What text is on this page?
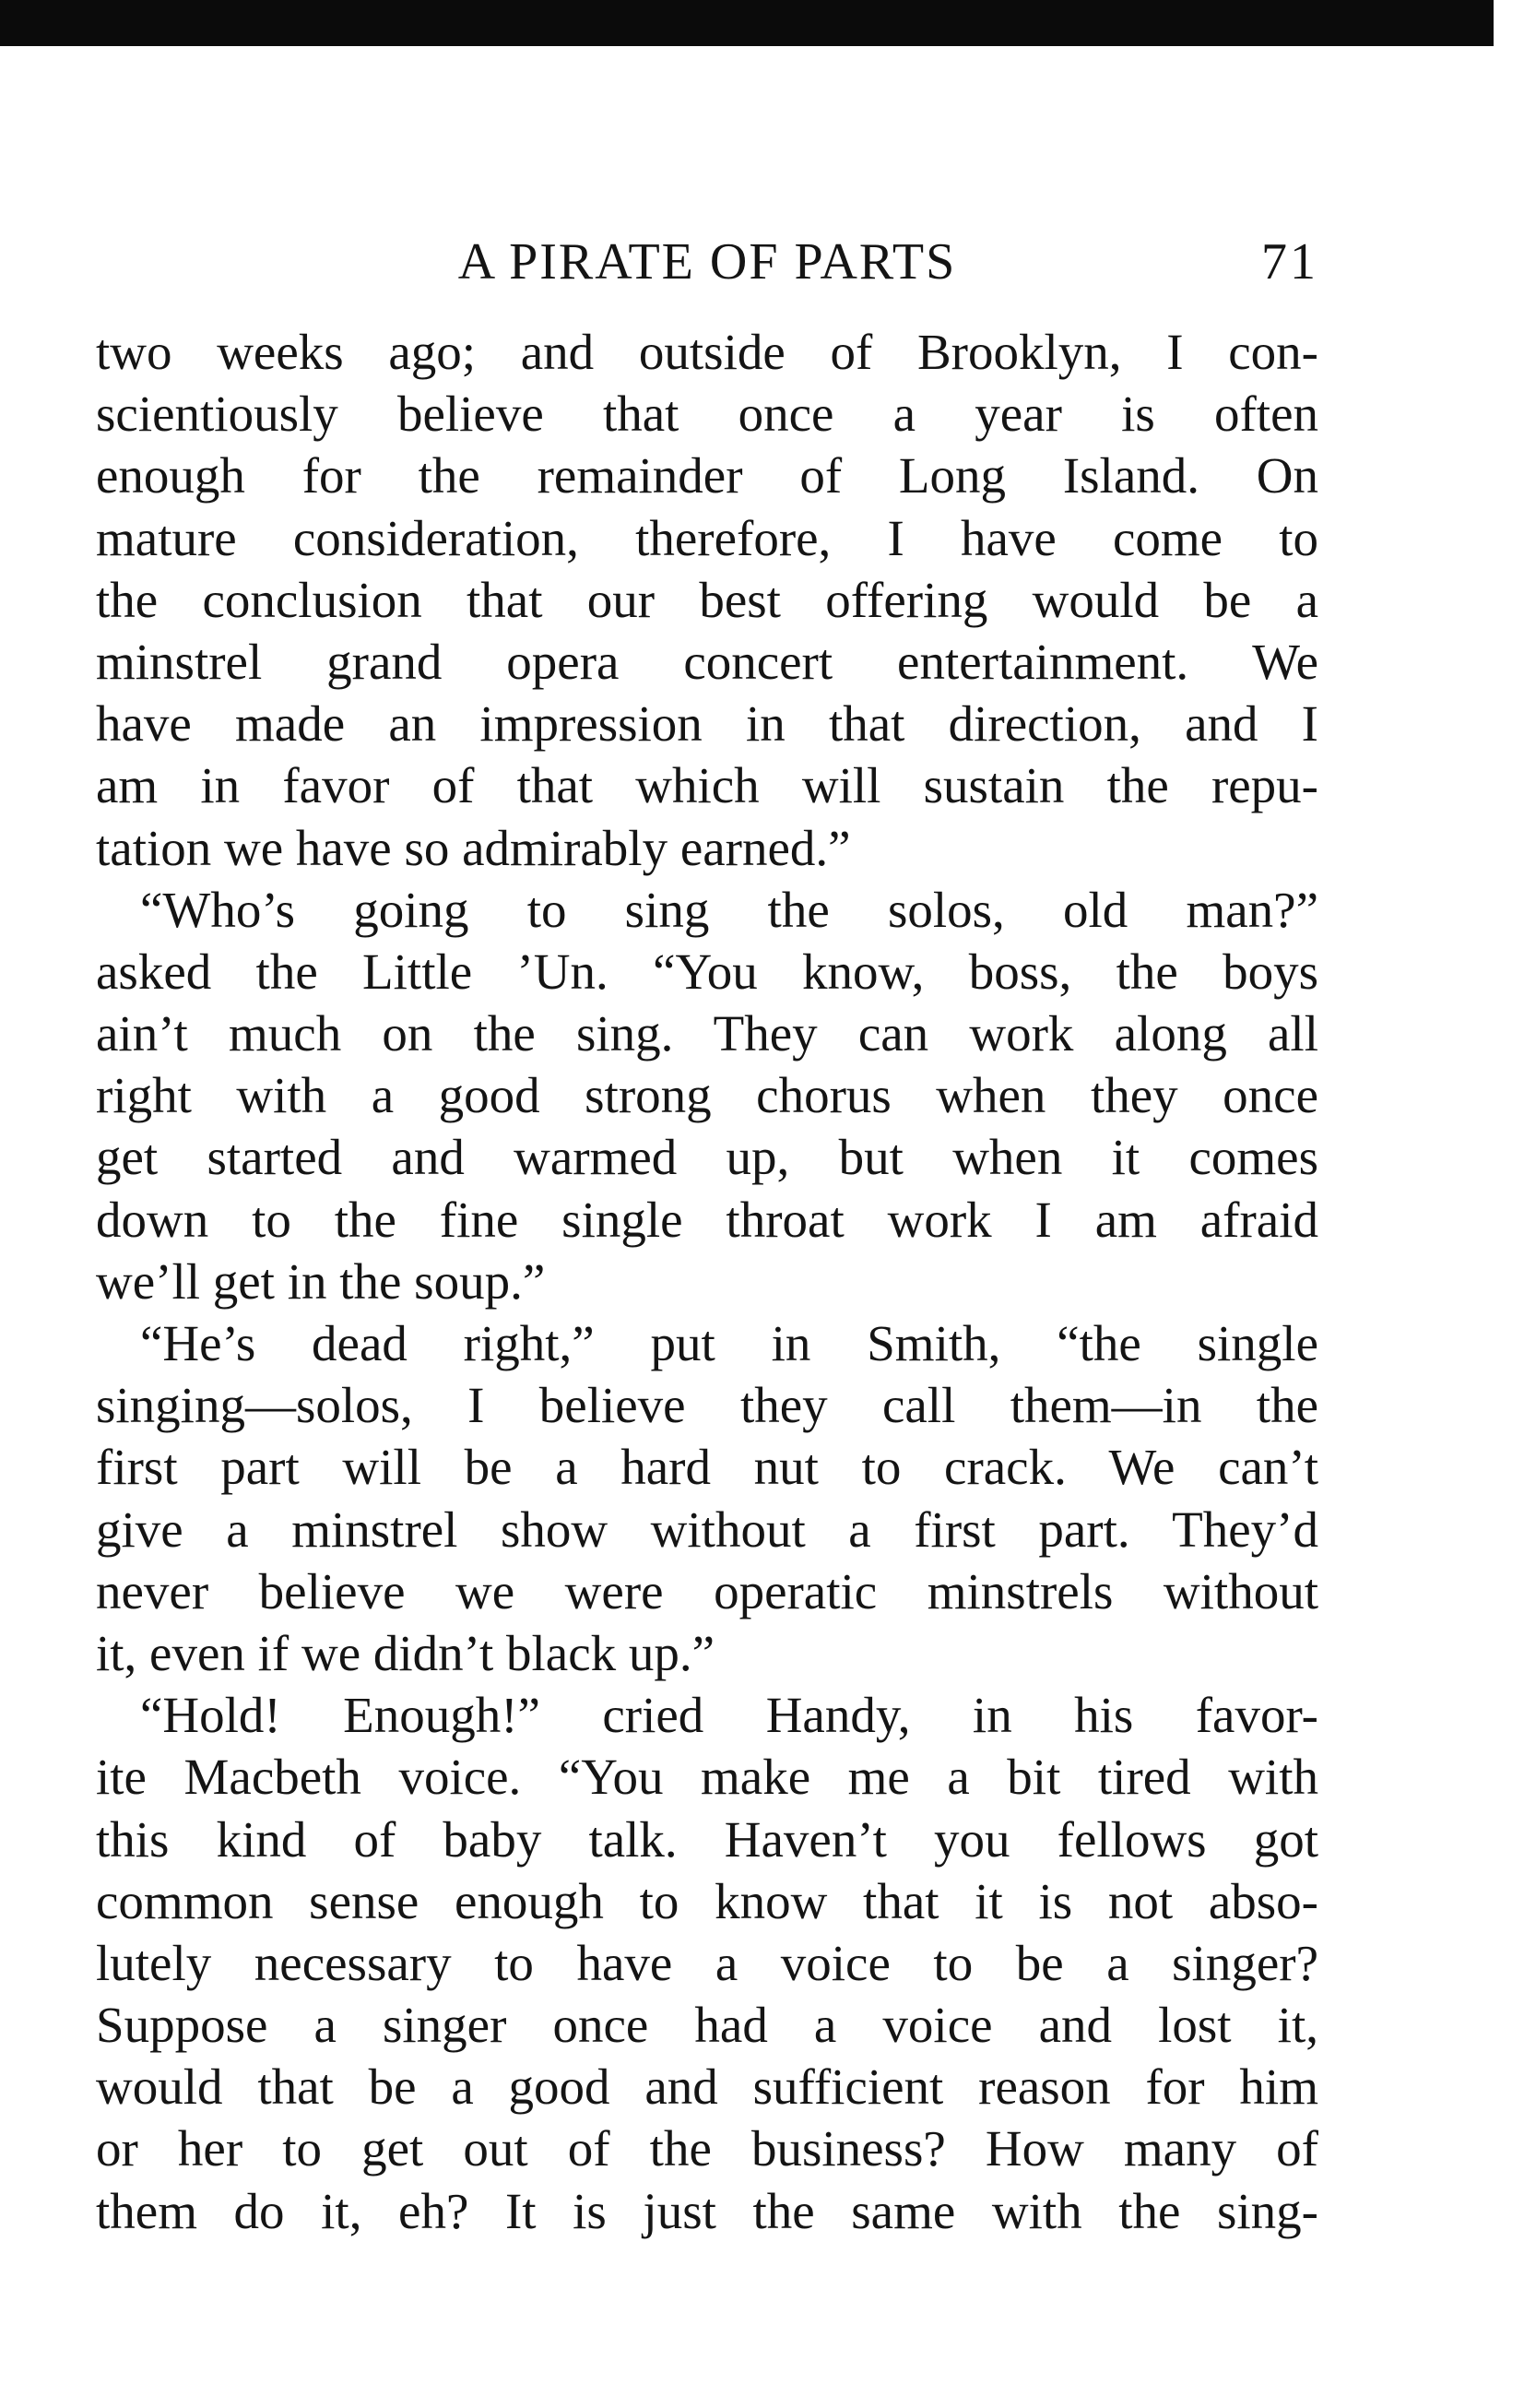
A PIRATE OF PARTS	71
two weeks ago; and outside of Brooklyn, I con-
scientiously believe that once a year is often
enough for the remainder of Long Island. On
mature consideration, therefore, I have come to
the conclusion that our best offering would be a
minstrel grand opera concert entertainment. We
have made an impression in that direction, and I
am in favor of that which will sustain the repu-
tation we have so admirably earned.”
“Who’s going to sing the solos, old man?”
asked the Little ’Un. “You know, boss, the boys
ain’t much on the sing. They can work along all
right with a good strong chorus when they once
get started and warmed up, but when it comes
down to the fine single throat work I am afraid
we’ll get in the soup.”
“He’s dead right,” put in Smith, “the single
singing—solos, I believe they call them—in the
first part will be a hard nut to crack. We can’t
give a minstrel show without a first part. They’d
never believe we were operatic minstrels without
it, even if we didn’t black up.”
“Hold! Enough!” cried Handy, in his favor-
ite Macbeth voice. “You make me a bit tired with
this kind of baby talk. Haven’t you fellows got
common sense enough to know that it is not abso-
lutely necessary to have a voice to be a singer?
Suppose a singer once had a voice and lost it,
would that be a good and sufficient reason for him
or her to get out of the business? How many of
them do it, eh? It is just the same with the sing-
